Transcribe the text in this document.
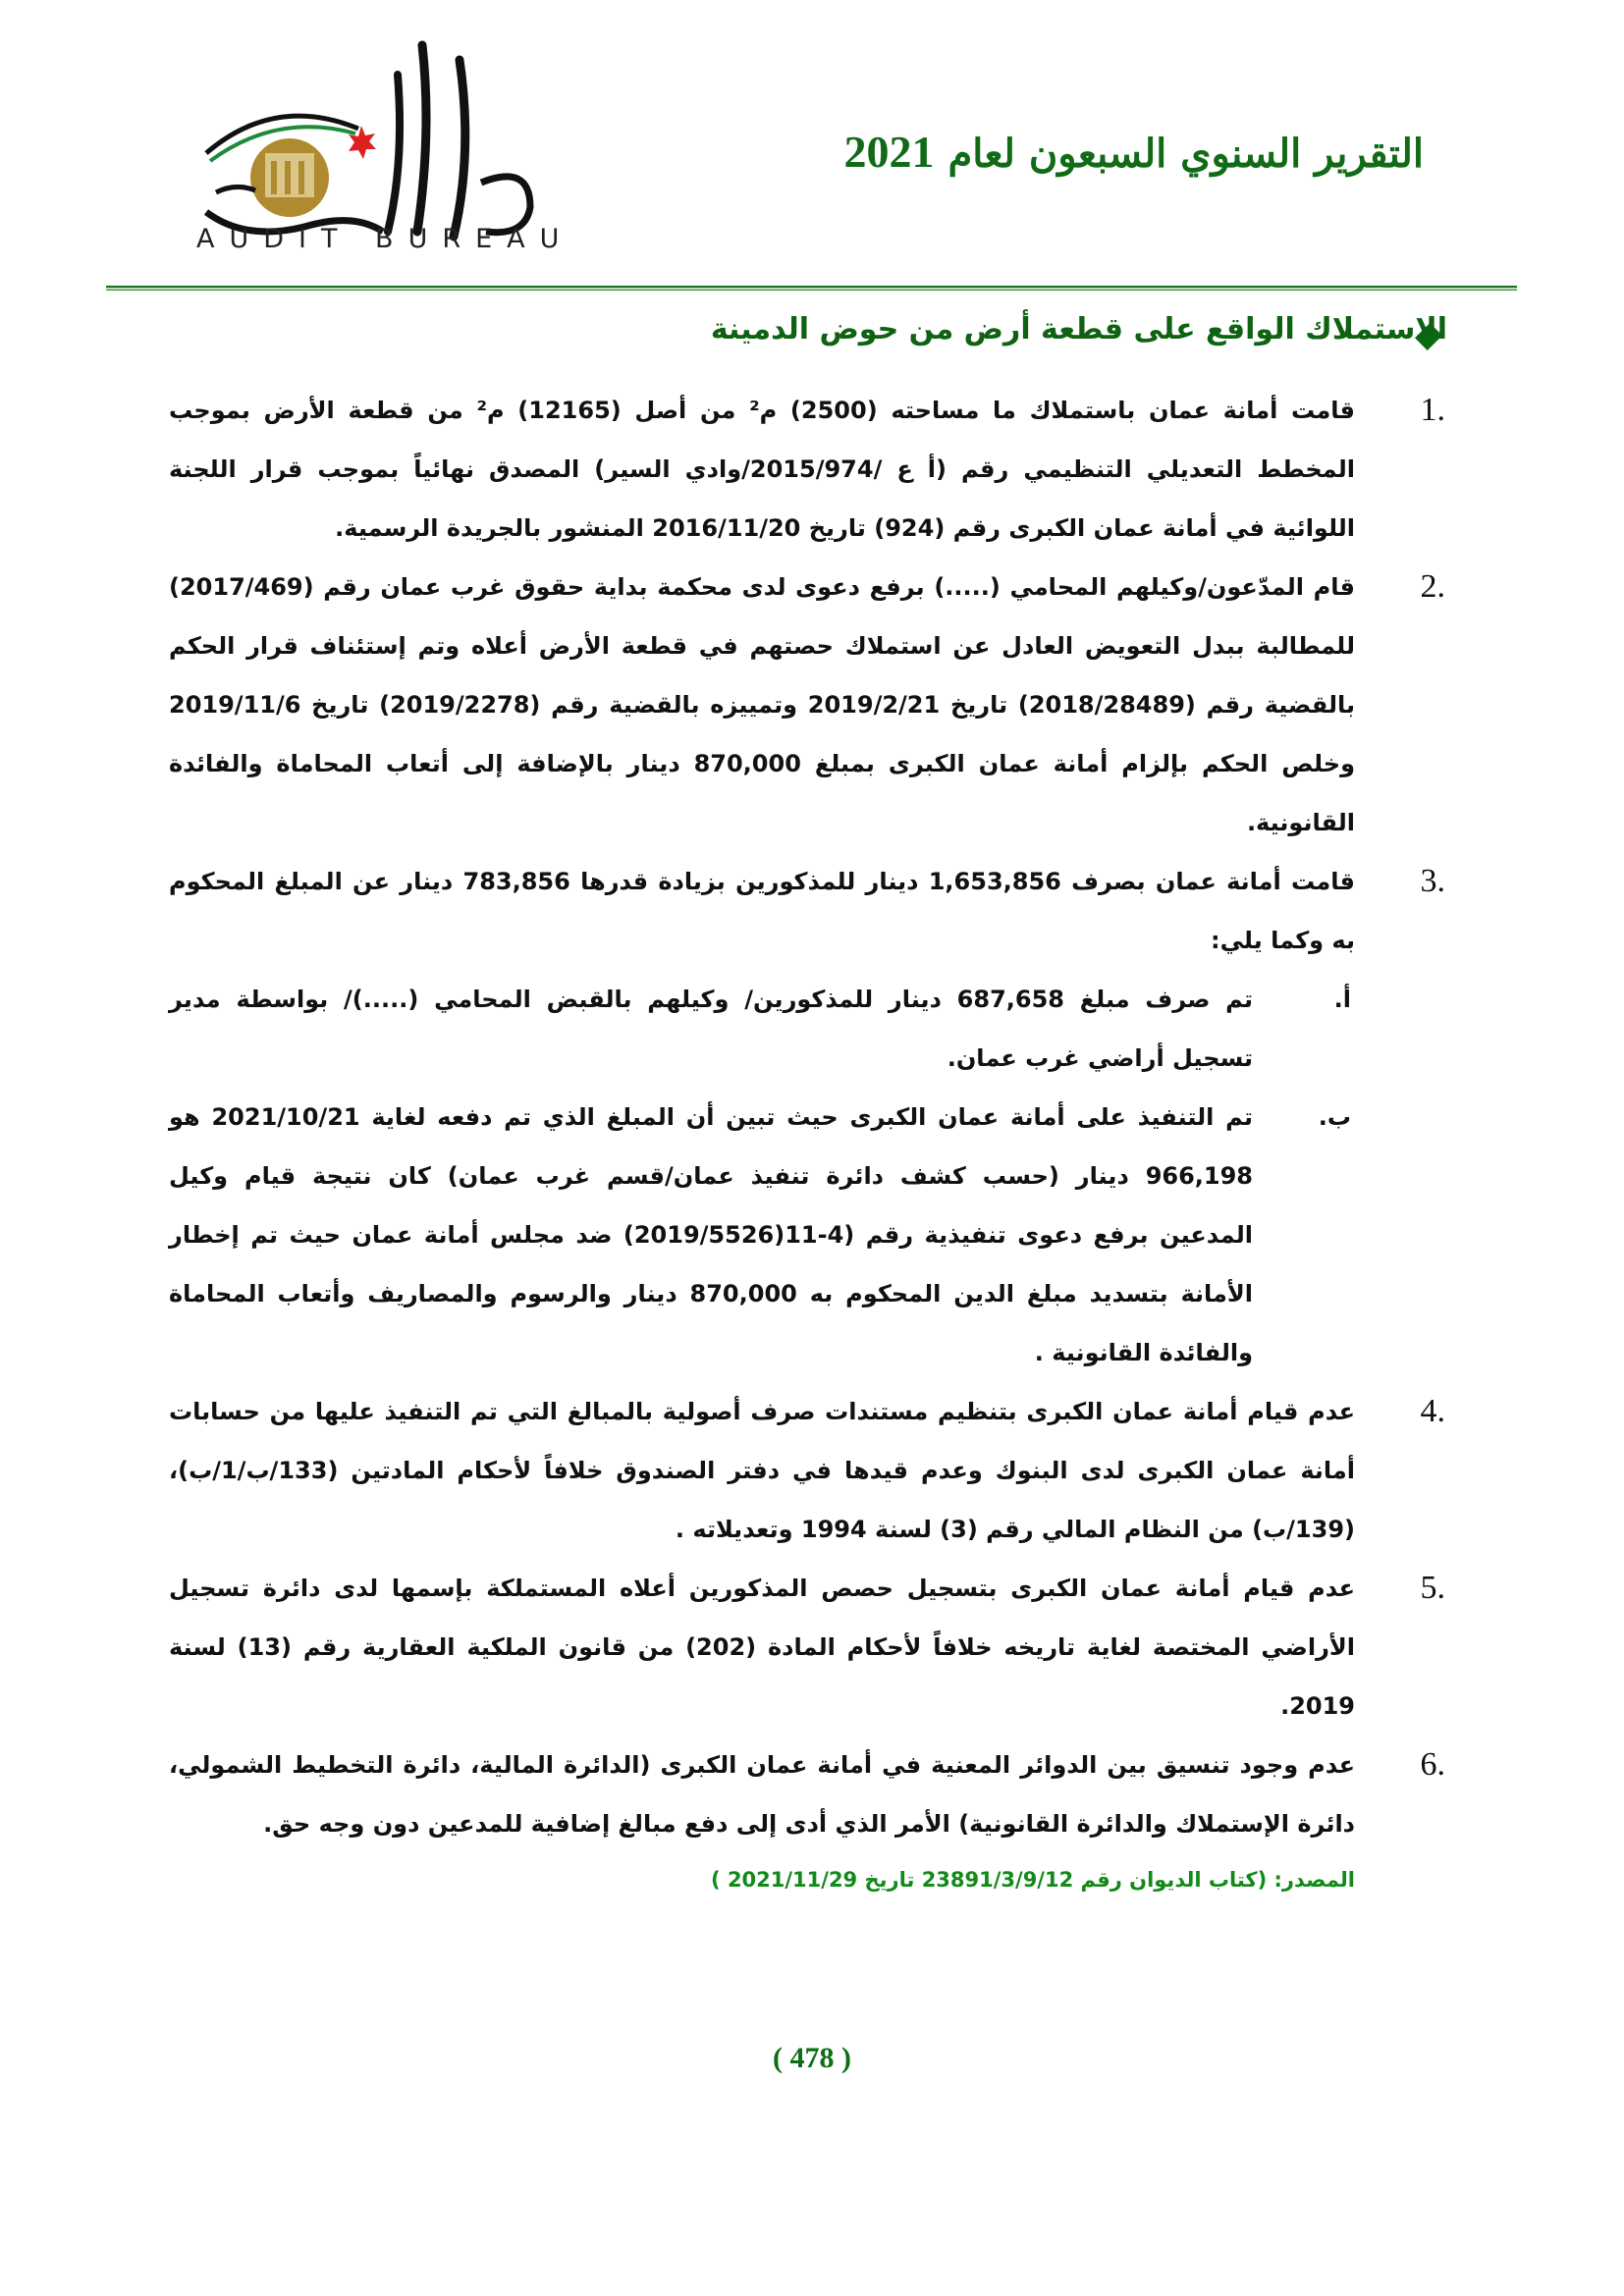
AUDIT BUREAU
التقرير السنوي السبعون لعام 2021
الاستملاك الواقع على قطعة أرض من حوض الدمينة
.1
قامت أمانة عمان باستملاك ما مساحته (2500) م² من أصل (12165) م² من قطعة الأرض بموجب المخطط التعديلي التنظيمي رقم (أ ع /2015/974/وادي السير) المصدق نهائياً بموجب قرار اللجنة اللوائية في أمانة عمان الكبرى رقم (924) تاريخ 2016/11/20 المنشور بالجريدة الرسمية.
.2
قام المدّعون/وكيلهم المحامي (.....) برفع دعوى لدى محكمة بداية حقوق غرب عمان رقم (2017/469) للمطالبة ببدل التعويض العادل عن استملاك حصتهم في قطعة الأرض أعلاه وتم إستئناف قرار الحكم بالقضية رقم (2018/28489) تاريخ 2019/2/21 وتمييزه بالقضية رقم (2019/2278) تاريخ 2019/11/6 وخلص الحكم بإلزام أمانة عمان الكبرى بمبلغ 870,000 دينار بالإضافة إلى أتعاب المحاماة والفائدة القانونية.
.3
قامت أمانة عمان بصرف 1,653,856 دينار للمذكورين بزيادة قدرها 783,856 دينار عن المبلغ المحكوم به وكما يلي:
أ.
تم صرف مبلغ 687,658 دينار للمذكورين/ وكيلهم بالقبض المحامي (.....)/ بواسطة مدير تسجيل أراضي غرب عمان.
ب.
تم التنفيذ على أمانة عمان الكبرى حيث تبين أن المبلغ الذي تم دفعه لغاية 2021/10/21 هو 966,198 دينار (حسب كشف دائرة تنفيذ عمان/قسم غرب عمان) كان نتيجة قيام وكيل المدعين برفع دعوى تنفيذية رقم (4-11(2019/5526) ضد مجلس أمانة عمان حيث تم إخطار الأمانة بتسديد مبلغ الدين المحكوم به 870,000 دينار والرسوم والمصاريف وأتعاب المحاماة والفائدة القانونية .
.4
عدم قيام أمانة عمان الكبرى بتنظيم مستندات صرف أصولية بالمبالغ التي تم التنفيذ عليها من حسابات أمانة عمان الكبرى لدى البنوك وعدم قيدها في دفتر الصندوق خلافاً لأحكام المادتين (133/ب/1/ب)،(139/ب) من النظام المالي رقم (3) لسنة 1994 وتعديلاته .
.5
عدم قيام أمانة عمان الكبرى بتسجيل حصص المذكورين أعلاه المستملكة بإسمها لدى دائرة تسجيل الأراضي المختصة لغاية تاريخه خلافاً لأحكام المادة (202) من قانون الملكية العقارية رقم (13) لسنة 2019.
.6
عدم وجود تنسيق بين الدوائر المعنية في أمانة عمان الكبرى (الدائرة المالية، دائرة التخطيط الشمولي، دائرة الإستملاك والدائرة القانونية) الأمر الذي أدى إلى دفع مبالغ إضافية للمدعين دون وجه حق.
المصدر: (كتاب الديوان رقم 23891/3/9/12 تاريخ 2021/11/29 )
( 478 )
